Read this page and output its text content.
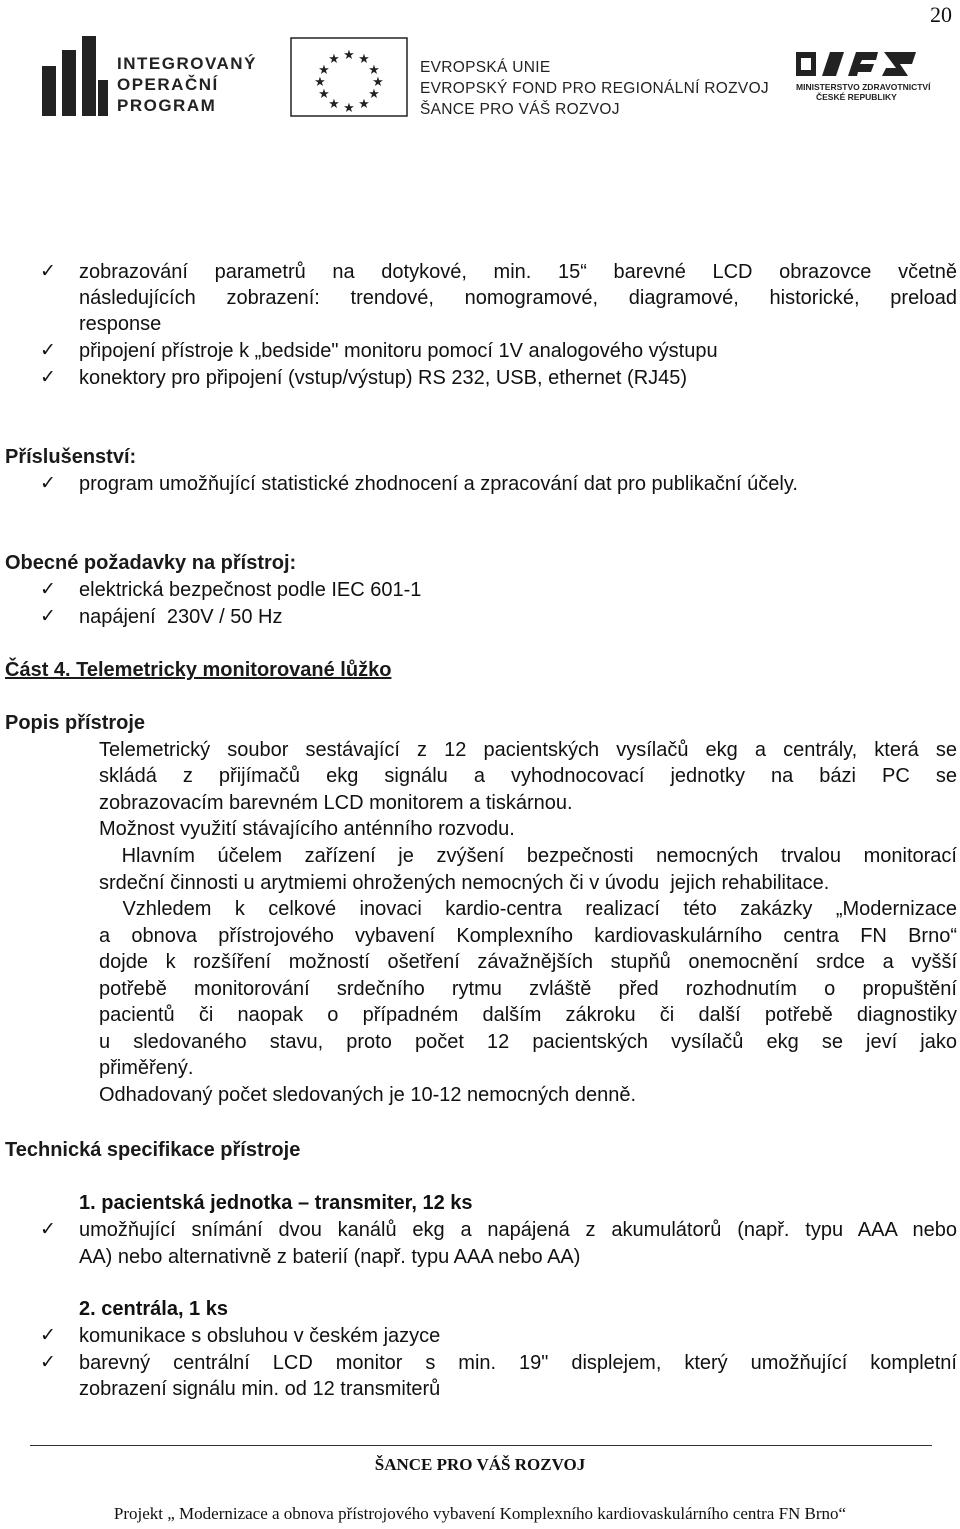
20
INTEGROVANÝ
OPERAČNÍ
PROGRAM
★ ★
★
★
★
★
★
★
★
★
★
★	EVROPSKÁ UNIE
EVROPSKÝ FOND PRO REGIONÁLNÍ ROZVOJ
ŠANCE PRO VÁŠ ROZVOJ
MINISTERSTVO ZDRAVOTNICTVÍ
ČESKÉ REPUBLIKY
✓ zobrazování parametrů na dotykové, min. 15“ barevné LCD obrazovce včetně
následujících zobrazení: trendové, nomogramové, diagramové, historické, preload
response
✓ připojení přístroje k „bedside" monitoru pomocí 1V analogového výstupu
✓ konektory pro připojení (vstup/výstup) RS 232, USB, ethernet (RJ45)
Příslušenství:
✓ program umožňující statistické zhodnocení a zpracování dat pro publikační účely.
Obecné požadavky na přístroj:
✓ elektrická bezpečnost podle IEC 601-1
✓ napájení  230V / 50 Hz
Část 4. Telemetricky monitorované lůžko
Popis přístroje
Telemetrický soubor sestávající z 12 pacientských vysílačů ekg a centrály, která se
skládá z přijímačů ekg signálu a vyhodnocovací jednotky na bázi PC se
zobrazovacím barevném LCD monitorem a tiskárnou.
Možnost využití stávajícího anténního rozvodu.
Hlavním účelem zařízení je zvýšení bezpečnosti nemocných trvalou monitorací
srdeční činnosti u arytmiemi ohrožených nemocných či v úvodu  jejich rehabilitace.
Vzhledem k celkové inovaci kardio-centra realizací této zakázky „Modernizace
a obnova přístrojového vybavení Komplexního kardiovaskulárního centra FN Brno“
dojde k rozšíření možností ošetření závažnějších stupňů onemocnění srdce a vyšší
potřebě monitorování srdečního rytmu zvláště před rozhodnutím o propuštění
pacientů či naopak o případném dalším zákroku či další potřebě diagnostiky
u sledovaného stavu, proto počet 12 pacientských vysílačů ekg se jeví jako
přiměřený.
Odhadovaný počet sledovaných je 10-12 nemocných denně.
Technická specifikace přístroje
1. pacientská jednotka – transmiter, 12 ks
✓ umožňující snímání dvou kanálů ekg a napájená z akumulátorů (např. typu AAA nebo
AA) nebo alternativně z baterií (např. typu AAA nebo AA)
2. centrála, 1 ks
✓ komunikace s obsluhou v českém jazyce
✓ barevný centrální LCD monitor s min. 19" displejem, který umožňující kompletní
zobrazení signálu min. od 12 transmiterů
ŠANCE PRO VÁŠ ROZVOJ
Projekt „ Modernizace a obnova přístrojového vybavení Komplexního kardiovaskulárního centra FN Brno“
